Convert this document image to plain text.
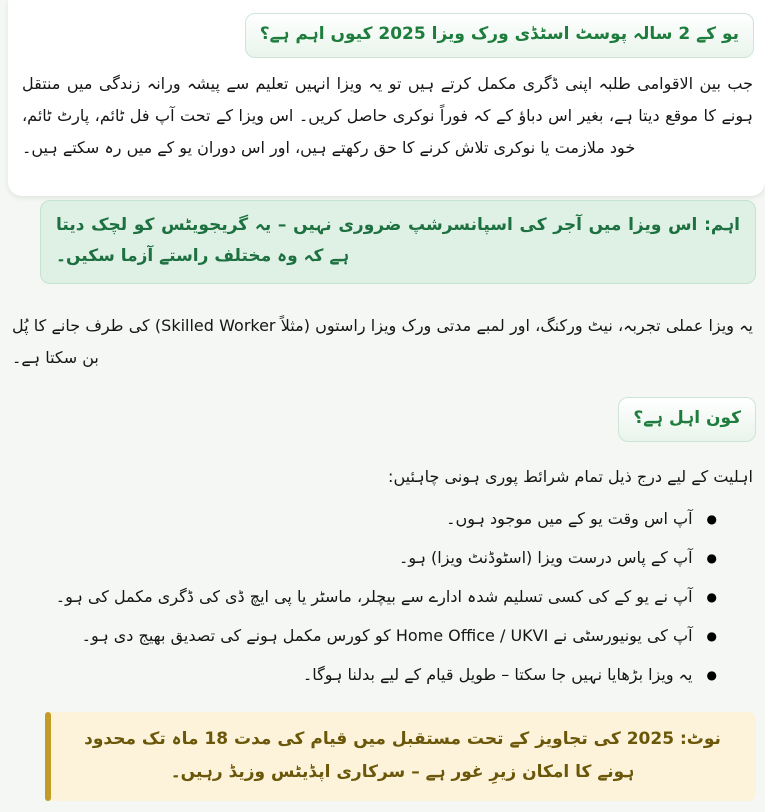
یو کے 2 سالہ پوسٹ اسٹڈی ورک ویزا 2025 کیوں اہم ہے؟
جب بین الاقوامی طلبہ اپنی ڈگری مکمل کرتے ہیں تو یہ ویزا انہیں تعلیم سے پیشہ ورانہ زندگی میں منتقل ہونے کا موقع دیتا ہے، بغیر اس دباؤ کے کہ فوراً نوکری حاصل کریں۔ اس ویزا کے تحت آپ فل ٹائم، پارٹ ٹائم، خود ملازمت یا نوکری تلاش کرنے کا حق رکھتے ہیں، اور اس دوران یو کے میں رہ سکتے ہیں۔
اہم: اس ویزا میں آجر کی اسپانسرشپ ضروری نہیں – یہ گریجویٹس کو لچک دیتا ہے کہ وہ مختلف راستے آزما سکیں۔
یہ ویزا عملی تجربہ، نیٹ ورکنگ، اور لمبے مدتی ورک ویزا راستوں (مثلاً Skilled Worker) کی طرف جانے کا پُل بن سکتا ہے۔
کون اہل ہے؟
اہلیت کے لیے درج ذیل تمام شرائط پوری ہونی چاہئیں:
●
آپ اس وقت یو کے میں موجود ہوں۔
●
آپ کے پاس درست ویزا (اسٹوڈنٹ ویزا) ہو۔
●
آپ نے یو کے کی کسی تسلیم شدہ ادارے سے بیچلر، ماسٹر یا پی ایچ ڈی کی ڈگری مکمل کی ہو۔
●
آپ کی یونیورسٹی نے Home Office / UKVI کو کورس مکمل ہونے کی تصدیق بھیج دی ہو۔
●
یہ ویزا بڑھایا نہیں جا سکتا – طویل قیام کے لیے بدلنا ہوگا۔
نوٹ: 2025 کی تجاویز کے تحت مستقبل میں قیام کی مدت 18 ماہ تک محدود ہونے کا امکان زیرِ غور ہے – سرکاری اپڈیٹس وزیڈ رہیں۔
